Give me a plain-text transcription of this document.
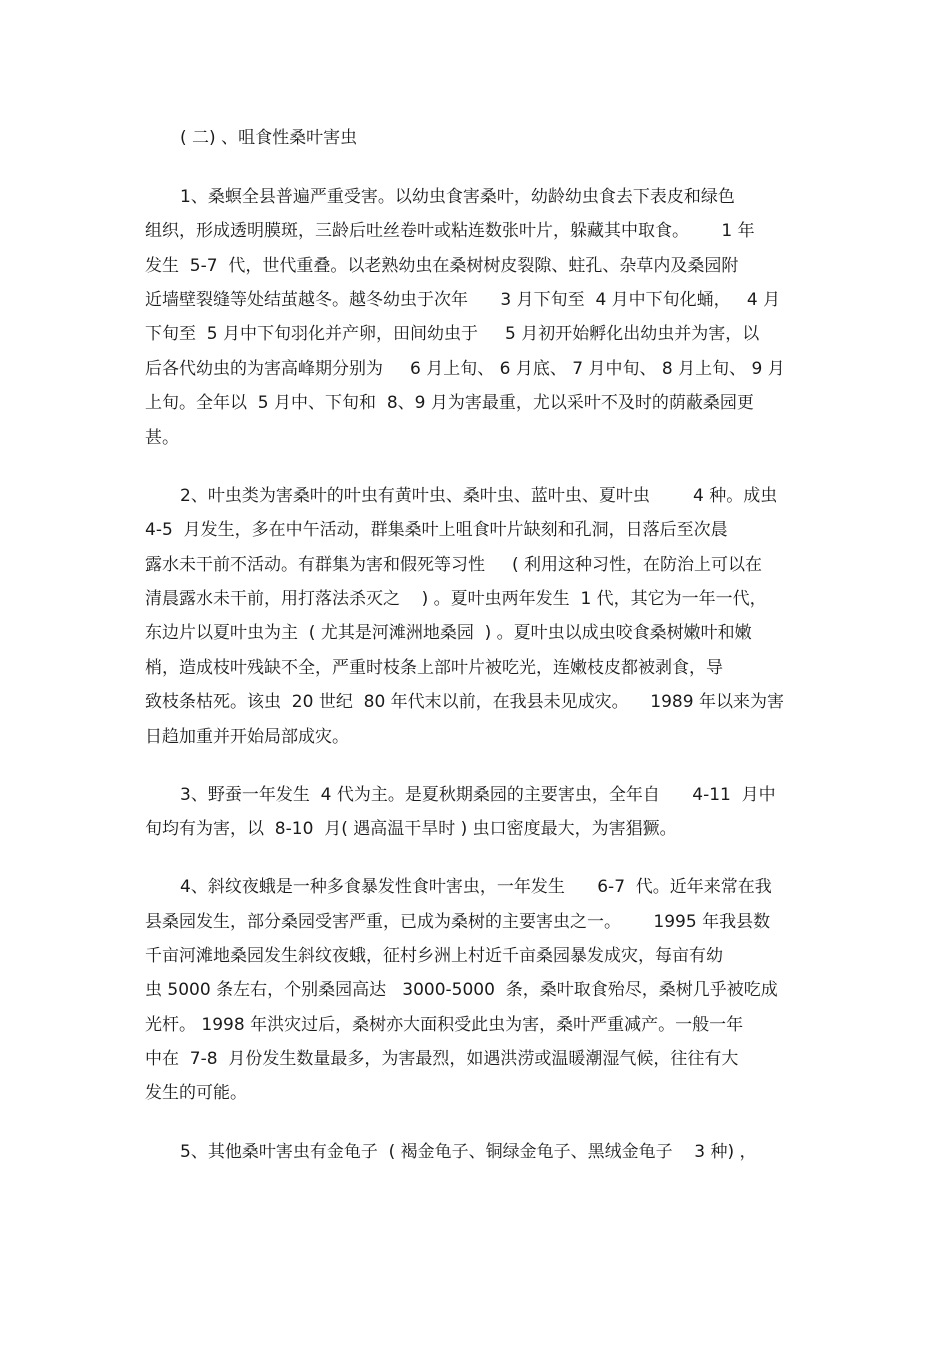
( 二) 、咀食性桑叶害虫
1、桑螟全县普遍严重受害。以幼虫食害桑叶，幼龄幼虫食去下表皮和绿色
组织，形成透明膜斑，三龄后吐丝卷叶或粘连数张叶片，躲藏其中取食。      1 年
发生  5-7  代，世代重叠。以老熟幼虫在桑树树皮裂隙、蛀孔、杂草内及桑园附
近墙壁裂缝等处结茧越冬。越冬幼虫于次年      3 月下旬至  4 月中下旬化蛹，   4 月
下旬至  5 月中下旬羽化并产卵，田间幼虫于     5 月初开始孵化出幼虫并为害，以
后各代幼虫的为害高峰期分别为     6 月上旬、 6 月底、 7 月中旬、 8 月上旬、 9 月
上旬。全年以  5 月中、下旬和  8、9 月为害最重，尤以采叶不及时的荫蔽桑园更
甚。
2、叶虫类为害桑叶的叶虫有黄叶虫、桑叶虫、蓝叶虫、夏叶虫        4 种。成虫
4-5  月发生，多在中午活动，群集桑叶上咀食叶片缺刻和孔洞，日落后至次晨
露水未干前不活动。有群集为害和假死等习性     ( 利用这种习性，在防治上可以在
清晨露水未干前，用打落法杀灭之    ) 。夏叶虫两年发生  1 代，其它为一年一代，
东边片以夏叶虫为主  ( 尤其是河滩洲地桑园  ) 。夏叶虫以成虫咬食桑树嫩叶和嫩
梢，造成枝叶残缺不全，严重时枝条上部叶片被吃光，连嫩枝皮都被剥食，导
致枝条枯死。该虫  20 世纪  80 年代末以前，在我县未见成灾。    1989 年以来为害
日趋加重并开始局部成灾。
3、野蚕一年发生  4 代为主。是夏秋期桑园的主要害虫，全年自      4-11  月中
旬均有为害，以  8-10  月( 遇高温干旱时 ) 虫口密度最大，为害猖獗。
4、斜纹夜蛾是一种多食暴发性食叶害虫，一年发生      6-7  代。近年来常在我
县桑园发生，部分桑园受害严重，已成为桑树的主要害虫之一。      1995 年我县数
千亩河滩地桑园发生斜纹夜蛾，征村乡洲上村近千亩桑园暴发成灾，每亩有幼
虫 5000 条左右，个别桑园高达   3000-5000  条，桑叶取食殆尽，桑树几乎被吃成
光杆。 1998 年洪灾过后，桑树亦大面积受此虫为害，桑叶严重减产。一般一年
中在  7-8  月份发生数量最多，为害最烈，如遇洪涝或温暖潮湿气候，往往有大
发生的可能。
5、其他桑叶害虫有金龟子  ( 褐金龟子、铜绿金龟子、黑绒金龟子    3 种) ，
